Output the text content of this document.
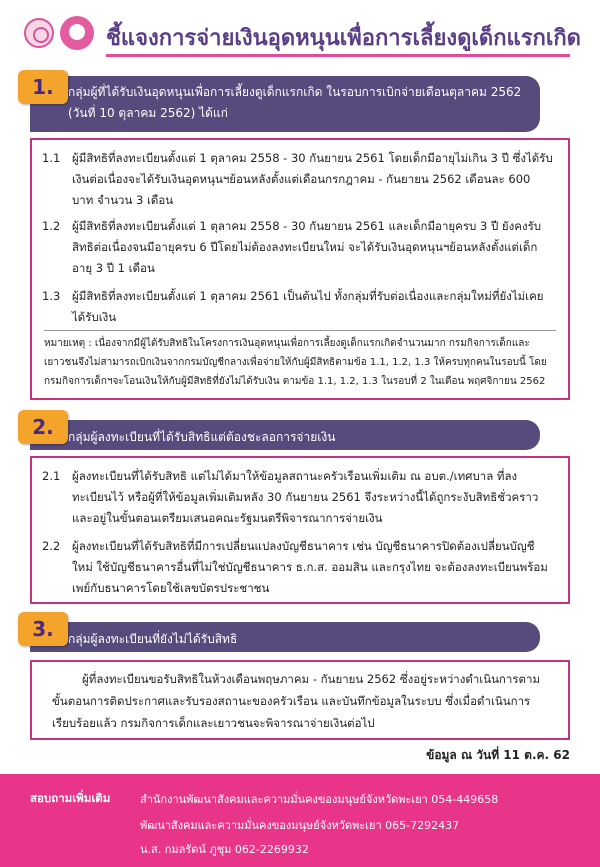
ชี้แจงการจ่ายเงินอุดหนุนเพื่อการเลี้ยงดูเด็กแรกเกิด
กลุ่มผู้ที่ได้รับเงินอุดหนุนเพื่อการเลี้ยงดูเด็กแรกเกิด ในรอบการเบิกจ่ายเดือนตุลาคม 2562 (วันที่ 10 ตุลาคม 2562) ได้แก่
1.
1.1 ผู้มีสิทธิที่ลงทะเบียนตั้งแต่ 1 ตุลาคม 2558 - 30 กันยายน 2561 โดยเด็กมีอายุไม่เกิน 3 ปี ซึ่งได้รับเงินต่อเนื่องจะได้รับเงินอุดหนุนฯย้อนหลังตั้งแต่เดือนกรกฎาคม - กันยายน 2562 เดือนละ 600 บาท จำนวน 3 เดือน
1.2 ผู้มีสิทธิที่ลงทะเบียนตั้งแต่ 1 ตุลาคม 2558 - 30 กันยายน 2561 และเด็กมีอายุครบ 3 ปี ยังคงรับสิทธิต่อเนื่องจนมีอายุครบ 6 ปีโดยไม่ต้องลงทะเบียนใหม่ จะได้รับเงินอุดหนุนฯย้อนหลังตั้งแต่เด็กอายุ 3 ปี 1 เดือน
1.3 ผู้มีสิทธิที่ลงทะเบียนตั้งแต่ 1 ตุลาคม 2561 เป็นต้นไป ทั้งกลุ่มที่รับต่อเนื่องและกลุ่มใหม่ที่ยังไม่เคยได้รับเงิน
หมายเหตุ : เนื่องจากมีผู้ได้รับสิทธิในโครงการเงินอุดหนุนเพื่อการเลี้ยงดูเด็กแรกเกิดจำนวนมาก กรมกิจการเด็กและเยาวชนจึงไม่สามารถเบิกเงินจากกรมบัญชีกลางเพื่อจ่ายให้กับผู้มีสิทธิตามข้อ 1.1, 1.2, 1.3 ให้ครบทุกคนในรอบนี้ โดยกรมกิจการเด็กฯจะโอนเงินให้กับผู้มีสิทธิที่ยังไม่ได้รับเงิน ตามข้อ 1.1, 1.2, 1.3 ในรอบที่ 2 ในเดือน พฤศจิกายน 2562
กลุ่มผู้ลงทะเบียนที่ได้รับสิทธิแต่ต้องชะลอการจ่ายเงิน
2.
2.1 ผู้ลงทะเบียนที่ได้รับสิทธิ แต่ไม่ได้มาให้ข้อมูลสถานะครัวเรือนเพิ่มเติม ณ อบต./เทศบาล ที่ลงทะเบียนไว้ หรือผู้ที่ให้ข้อมูลเพิ่มเติมหลัง 30 กันยายน 2561 จึงระหว่างนี้ได้ถูกระงับสิทธิชั่วคราว และอยู่ในขั้นตอนเตรียมเสนอคณะรัฐมนตรีพิจารณาการจ่ายเงิน
2.2 ผู้ลงทะเบียนที่ได้รับสิทธิที่มีการเปลี่ยนแปลงบัญชีธนาคาร เช่น บัญชีธนาคารปิดต้องเปลี่ยนบัญชีใหม่ ใช้บัญชีธนาคารอื่นที่ไม่ใช่บัญชีธนาคาร ธ.ก.ส. ออมสิน และกรุงไทย จะต้องลงทะเบียนพร้อมเพย์กับธนาคารโดยใช้เลขบัตรประชาชน
กลุ่มผู้ลงทะเบียนที่ยังไม่ได้รับสิทธิ
3.
ผู้ที่ลงทะเบียนขอรับสิทธิในห้วงเดือนพฤษภาคม - กันยายน 2562 ซึ่งอยู่ระหว่างดำเนินการตามขั้นตอนการติดประกาศและรับรองสถานะของครัวเรือน และบันทึกข้อมูลในระบบ ซึ่งเมื่อดำเนินการเรียบร้อยแล้ว กรมกิจการเด็กและเยาวชนจะพิจารณาจ่ายเงินต่อไป
ข้อมูล ณ วันที่ 11 ต.ค. 62
สอบถามเพิ่มเติม	สำนักงานพัฒนาสังคมและความมั่นคงของมนุษย์จังหวัดพะเยา 054-449658
พัฒนาสังคมและความมั่นคงของมนุษย์จังหวัดพะเยา 065-7292437
น.ส. กมลรัตน์ ภูชุม 062-2269932
